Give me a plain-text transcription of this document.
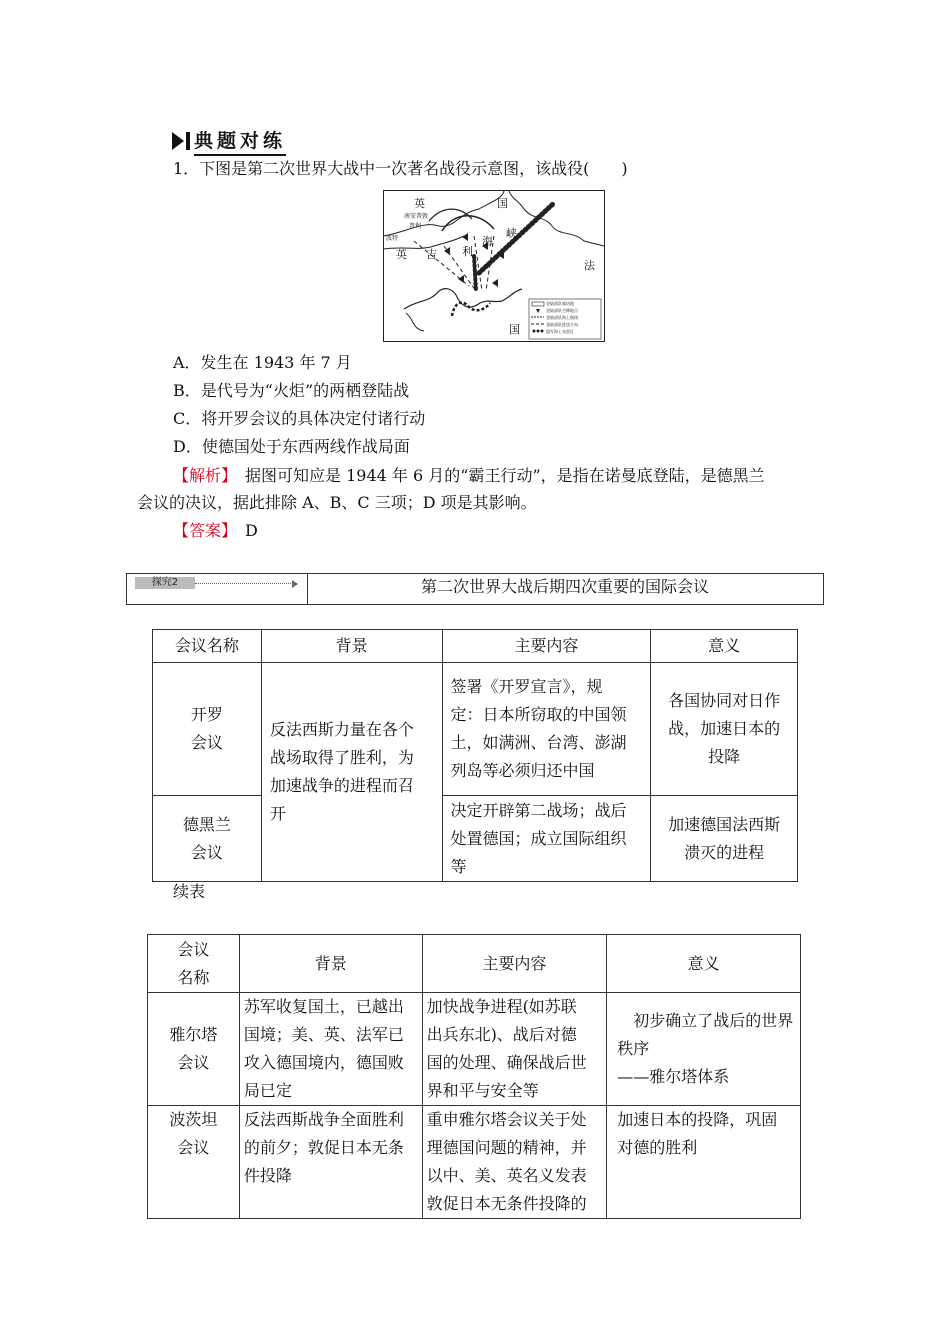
典题对练
1．下图是第二次世界大战中一次著名战役示意图，该战役(　　)
英	国
南安普敦
普利
波特
英 吉 利
海
峡
法
国
登陆部队集结地
登陆部队空降地点
登陆部队海上航线
登陆部队进攻方向
盟军海上布雷区
A．发生在 1943 年 7 月
B．是代号为“火炬”的两栖登陆战
C．将开罗会议的具体决定付诸行动
D．使德国处于东西两线作战局面
【解析】　据图可知应是 1944 年 6 月的“霸王行动”，是指在诺曼底登陆，是德黑兰
会议的决议，据此排除 A、B、C 三项；D 项是其影响。
【答案】　D
探究2	第二次世界大战后期四次重要的国际会议
会议名称	背景	主要内容	意义
开罗
会议	反法西斯力量在各个
战场取得了胜利，为
加速战争的进程而召
开	签署《开罗宣言》，规
定：日本所窃取的中国领
土，如满洲、台湾、澎湖
列岛等必须归还中国	各国协同对日作
战，加速日本的
投降
德黑兰
会议		决定开辟第二战场；战后
处置德国；成立国际组织
等	加速德国法西斯
溃灭的进程
续表
会议
名称	背景	主要内容	意义
雅尔塔
会议	苏军收复国土，已越出
国境；美、英、法军已
攻入德国境内，德国败
局已定	加快战争进程(如苏联
出兵东北)、战后对德
国的处理、确保战后世
界和平与安全等	　初步确立了战后的世界
秩序
——雅尔塔体系
波茨坦
会议	反法西斯战争全面胜利
的前夕；敦促日本无条
件投降	重申雅尔塔会议关于处
理德国问题的精神，并
以中、美、英名义发表
敦促日本无条件投降的	加速日本的投降，巩固
对德的胜利
